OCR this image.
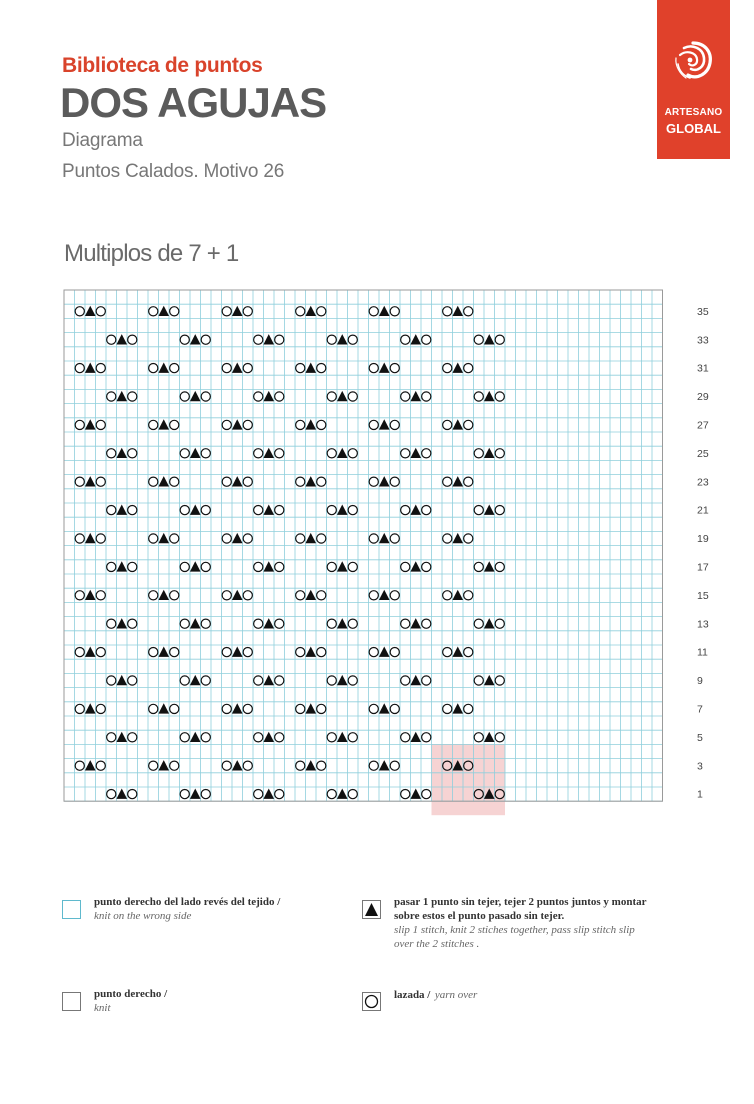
Biblioteca de puntos
DOS AGUJAS
Diagrama
Puntos Calados. Motivo 26
ARTESANO
GLOBAL
Multiplos de 7 + 1
35
33
31
29
27
25
23
21
19
17
15
13
11
9
7
5
3
1
punto derecho del lado revés del tejido /
knit on the wrong side
pasar 1 punto sin tejer, tejer 2 puntos juntos y montar
sobre estos el punto pasado sin tejer.
slip 1 stitch, knit 2 stiches together, pass slip stitch slip
over the 2 stitches .
punto derecho /
knit
lazada / yarn over
